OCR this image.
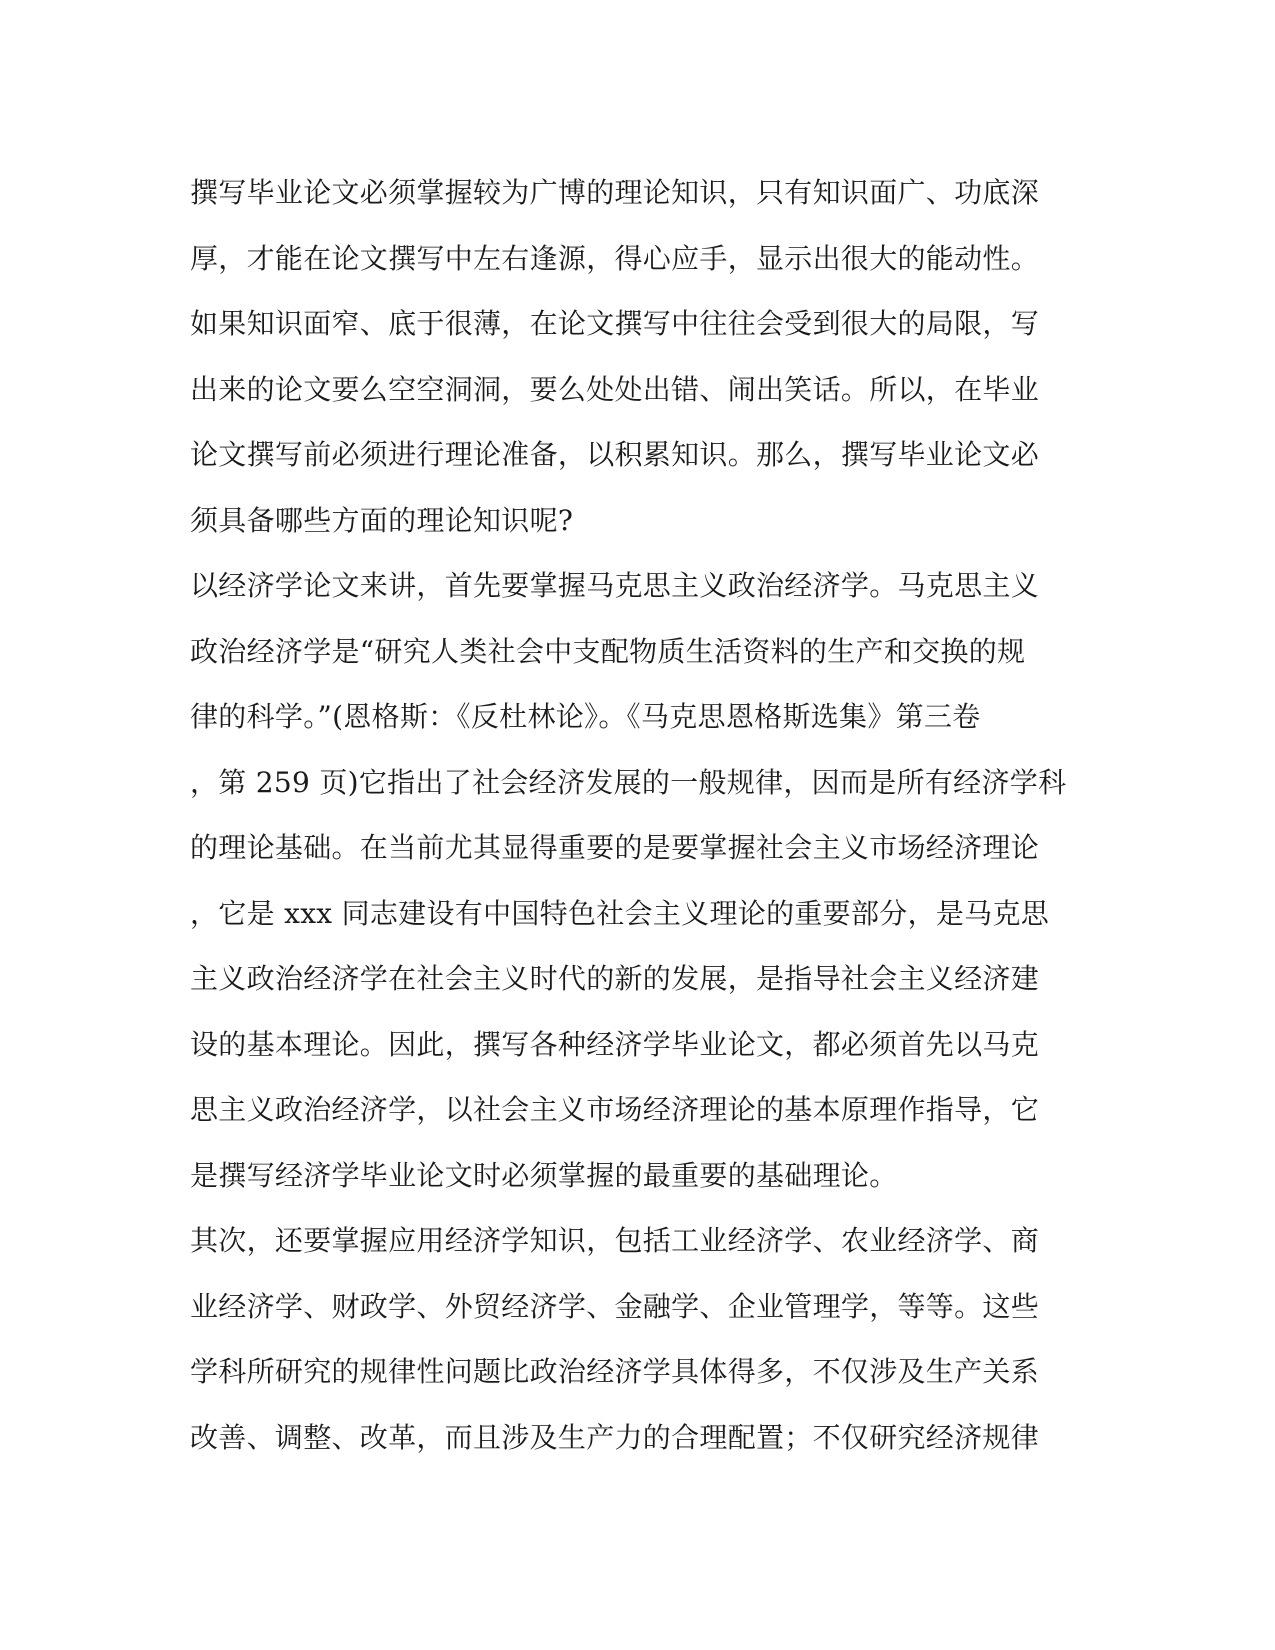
撰写毕业论文必须掌握较为广博的理论知识，只有知识面广、功底深
厚，才能在论文撰写中左右逢源，得心应手，显示出很大的能动性。
如果知识面窄、底于很薄，在论文撰写中往往会受到很大的局限，写
出来的论文要么空空洞洞，要么处处出错、闹出笑话。所以，在毕业
论文撰写前必须进行理论准备，以积累知识。那么，撰写毕业论文必
须具备哪些方面的理论知识呢?
以经济学论文来讲，首先要掌握马克思主义政治经济学。马克思主义
政治经济学是“研究人类社会中支配物质生活资料的生产和交换的规
律的科学。”(恩格斯：《反杜林论》。《马克思恩格斯选集》第三卷
，第 259 页)它指出了社会经济发展的一般规律，因而是所有经济学科
的理论基础。在当前尤其显得重要的是要掌握社会主义市场经济理论
，它是 xxx 同志建设有中国特色社会主义理论的重要部分，是马克思
主义政治经济学在社会主义时代的新的发展，是指导社会主义经济建
设的基本理论。因此，撰写各种经济学毕业论文，都必须首先以马克
思主义政治经济学，以社会主义市场经济理论的基本原理作指导，它
是撰写经济学毕业论文时必须掌握的最重要的基础理论。
其次，还要掌握应用经济学知识，包括工业经济学、农业经济学、商
业经济学、财政学、外贸经济学、金融学、企业管理学，等等。这些
学科所研究的规律性问题比政治经济学具体得多，不仅涉及生产关系
改善、调整、改革，而且涉及生产力的合理配置；不仅研究经济规律
